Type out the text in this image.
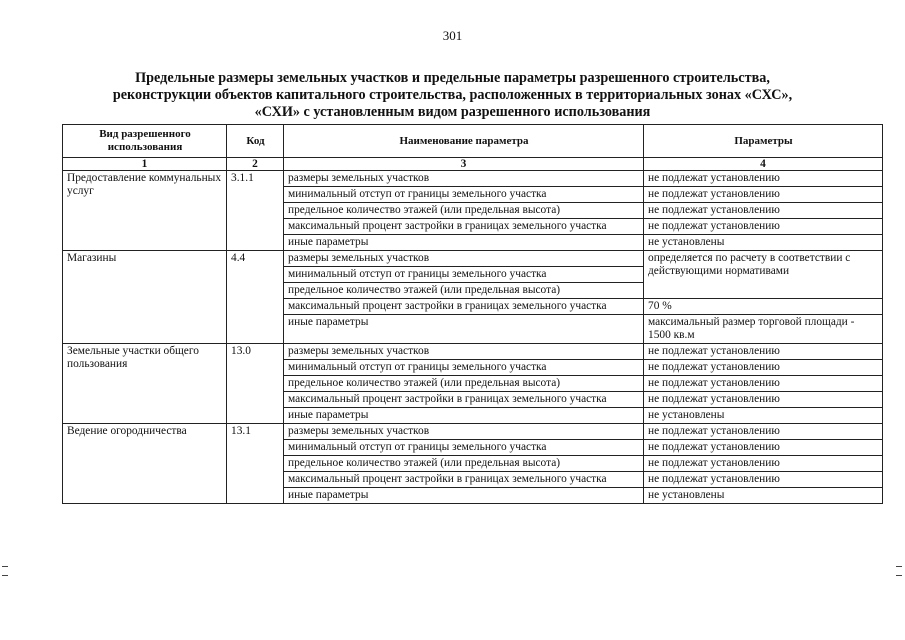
301
Предельные размеры земельных участков и предельные параметры разрешенного строительства,
реконструкции объектов капитального строительства, расположенных в территориальных зонах «СХС»,
«СХИ» с установленным видом разрешенного использования
Вид разрешенного использования	Код	Наименование параметра	Параметры
1	2	3	4
Предоставление коммунальных услуг	3.1.1	размеры земельных участков	не подлежат установлению
		минимальный отступ от границы земельного участка	не подлежат установлению
		предельное количество этажей (или предельная высота)	не подлежат установлению
		максимальный процент застройки в границах земельного участка	не подлежат установлению
		иные параметры	не установлены
Магазины	4.4	размеры земельных участков	определяется по расчету в соответствии с действующими нормативами
		минимальный отступ от границы земельного участка	
		предельное количество этажей (или предельная высота)	
		максимальный процент застройки в границах земельного участка	70 %
		иные параметры	максимальный размер торговой площади - 1500 кв.м
Земельные участки общего пользования	13.0	размеры земельных участков	не подлежат установлению
		минимальный отступ от границы земельного участка	не подлежат установлению
		предельное количество этажей (или предельная высота)	не подлежат установлению
		максимальный процент застройки в границах земельного участка	не подлежат установлению
		иные параметры	не установлены
Ведение огородничества	13.1	размеры земельных участков	не подлежат установлению
		минимальный отступ от границы земельного участка	не подлежат установлению
		предельное количество этажей (или предельная высота)	не подлежат установлению
		максимальный процент застройки в границах земельного участка	не подлежат установлению
		иные параметры	не установлены
